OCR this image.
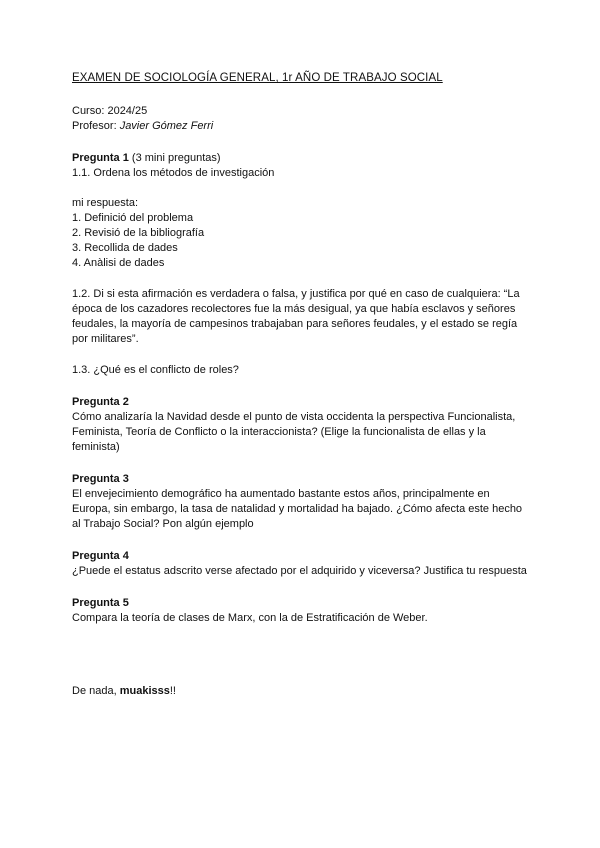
EXAMEN DE SOCIOLOGÍA GENERAL, 1r AÑO DE TRABAJO SOCIAL

Curso: 2024/25

Profesor: Javier Gómez Ferri

Pregunta 1 (3 mini preguntas)

1.1. Ordena los métodos de investigación

mi respuesta:

1. Definició del problema
2. Revisió de la bibliografía
3. Recollida de dades
4. Anàlisi de dades

1.2. Di si esta afirmación es verdadera o falsa, y justifica por qué en caso de cualquiera: “La época de los cazadores recolectores fue la más desigual, ya que había esclavos y señores feudales, la mayoría de campesinos trabajaban para señores feudales, y el estado se regía por militares”.

1.3. ¿Qué es el conflicto de roles?

Pregunta 2

Cómo analizaría la Navidad desde el punto de vista occidenta la perspectiva Funcionalista, Feminista, Teoría de Conflicto o la interaccionista? (Elige la funcionalista de ellas y la feminista)

Pregunta 3

El envejecimiento demográfico ha aumentado bastante estos años, principalmente en Europa, sin embargo, la tasa de natalidad y mortalidad ha bajado. ¿Cómo afecta este hecho al Trabajo Social? Pon algún ejemplo

Pregunta 4

¿Puede el estatus adscrito verse afectado por el adquirido y viceversa? Justifica tu respuesta

Pregunta 5

Compara la teoría de clases de Marx, con la de Estratificación de Weber.

De nada, muakisss!!
